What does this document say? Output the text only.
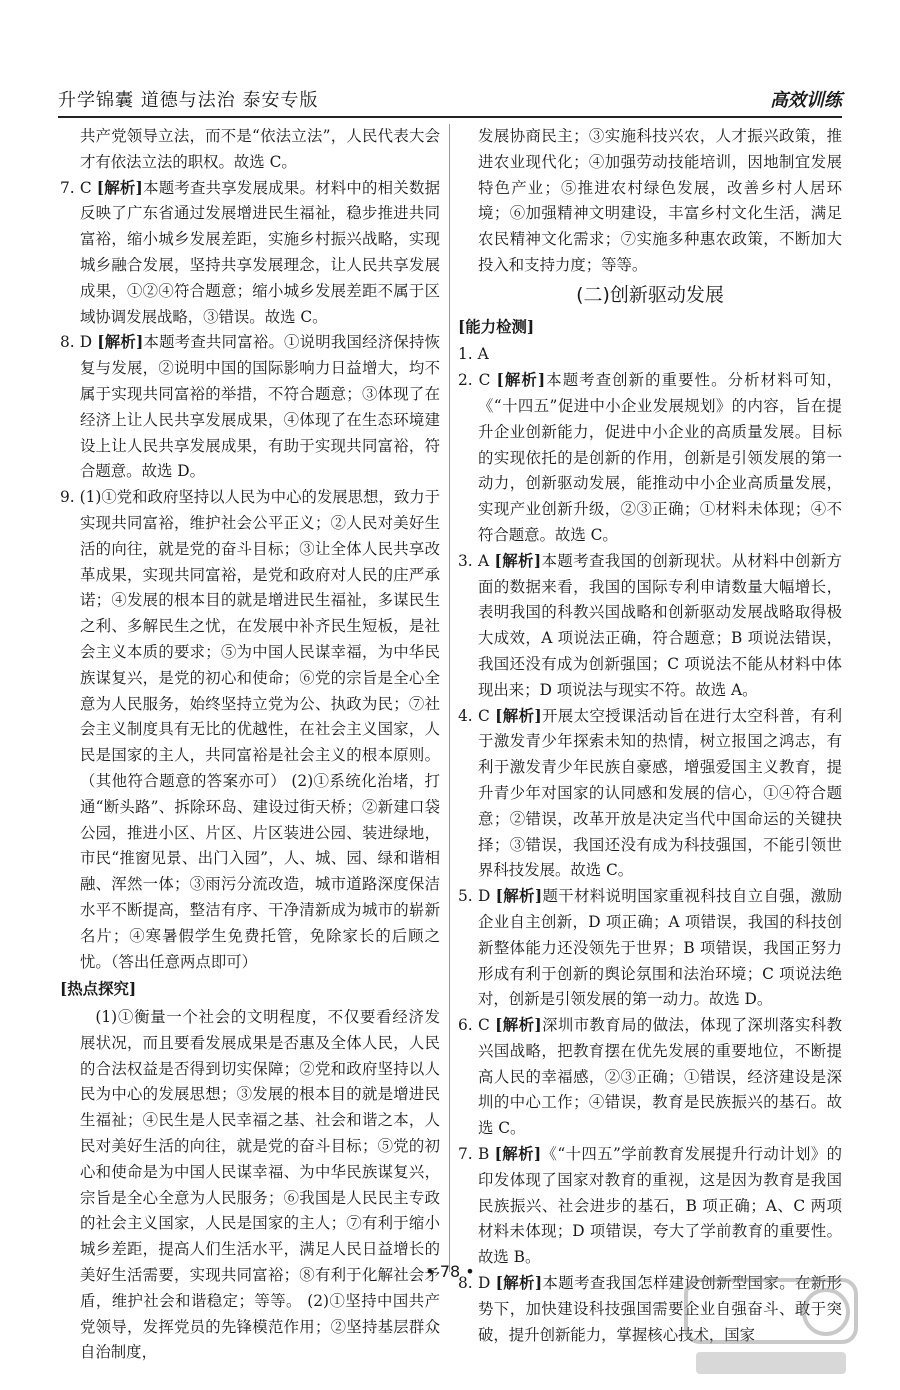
升学锦囊 道德与法治 泰安专版	高效训练

共产党领导立法，而不是“依法立法”，人民代表大会才有依法立法的职权。故选 C。

7. C [解析]本题考查共享发展成果。材料中的相关数据反映了广东省通过发展增进民生福祉，稳步推进共同富裕，缩小城乡发展差距，实施乡村振兴战略，实现城乡融合发展，坚持共享发展理念，让人民共享发展成果，①②④符合题意；缩小城乡发展差距不属于区域协调发展战略，③错误。故选 C。

8. D [解析]本题考查共同富裕。①说明我国经济保持恢复与发展，②说明中国的国际影响力日益增大，均不属于实现共同富裕的举措，不符合题意；③体现了在经济上让人民共享发展成果，④体现了在生态环境建设上让人民共享发展成果，有助于实现共同富裕，符合题意。故选 D。

9. (1)①党和政府坚持以人民为中心的发展思想，致力于实现共同富裕，维护社会公平正义；②人民对美好生活的向往，就是党的奋斗目标；③让全体人民共享改革成果，实现共同富裕，是党和政府对人民的庄严承诺；④发展的根本目的就是增进民生福祉，多谋民生之利、多解民生之忧，在发展中补齐民生短板，是社会主义本质的要求；⑤为中国人民谋幸福，为中华民族谋复兴，是党的初心和使命；⑥党的宗旨是全心全意为人民服务，始终坚持立党为公、执政为民；⑦社会主义制度具有无比的优越性，在社会主义国家，人民是国家的主人，共同富裕是社会主义的根本原则。（其他符合题意的答案亦可） (2)①系统化治堵，打通“断头路”、拆除环岛、建设过街天桥；②新建口袋公园，推进小区、片区、片区装进公园、装进绿地，市民“推窗见景、出门入园”，人、城、园、绿和谐相融、浑然一体；③雨污分流改造，城市道路深度保洁水平不断提高，整洁有序、干净清新成为城市的崭新名片；④寒暑假学生免费托管，免除家长的后顾之忧。（答出任意两点即可）

[热点探究]

(1)①衡量一个社会的文明程度，不仅要看经济发展状况，而且要看发展成果是否惠及全体人民，人民的合法权益是否得到切实保障；②党和政府坚持以人民为中心的发展思想；③发展的根本目的就是增进民生福祉；④民生是人民幸福之基、社会和谐之本，人民对美好生活的向往，就是党的奋斗目标；⑤党的初心和使命是为中国人民谋幸福、为中华民族谋复兴，宗旨是全心全意为人民服务；⑥我国是人民民主专政的社会主义国家，人民是国家的主人；⑦有利于缩小城乡差距，提高人们生活水平，满足人民日益增长的美好生活需要，实现共同富裕；⑧有利于化解社会矛盾，维护社会和谐稳定；等等。 (2)①坚持中国共产党领导，发挥党员的先锋模范作用；②坚持基层群众自治制度，

发展协商民主；③实施科技兴农，人才振兴政策，推进农业现代化；④加强劳动技能培训，因地制宜发展特色产业；⑤推进农村绿色发展，改善乡村人居环境；⑥加强精神文明建设，丰富乡村文化生活，满足农民精神文化需求；⑦实施多种惠农政策，不断加大投入和支持力度；等等。

(二)创新驱动发展

[能力检测]

1. A

2. C [解析]本题考查创新的重要性。分析材料可知，《“十四五”促进中小企业发展规划》的内容，旨在提升企业创新能力，促进中小企业的高质量发展。目标的实现依托的是创新的作用，创新是引领发展的第一动力，创新驱动发展，能推动中小企业高质量发展，实现产业创新升级，②③正确；①材料未体现；④不符合题意。故选 C。

3. A [解析]本题考查我国的创新现状。从材料中创新方面的数据来看，我国的国际专利申请数量大幅增长，表明我国的科教兴国战略和创新驱动发展战略取得极大成效，A 项说法正确，符合题意；B 项说法错误，我国还没有成为创新强国；C 项说法不能从材料中体现出来；D 项说法与现实不符。故选 A。

4. C [解析]开展太空授课活动旨在进行太空科普，有利于激发青少年探索未知的热情，树立报国之鸿志，有利于激发青少年民族自豪感，增强爱国主义教育，提升青少年对国家的认同感和发展的信心，①④符合题意；②错误，改革开放是决定当代中国命运的关键抉择；③错误，我国还没有成为科技强国，不能引领世界科技发展。故选 C。

5. D [解析]题干材料说明国家重视科技自立自强，激励企业自主创新，D 项正确；A 项错误，我国的科技创新整体能力还没领先于世界；B 项错误，我国正努力形成有利于创新的舆论氛围和法治环境；C 项说法绝对，创新是引领发展的第一动力。故选 D。

6. C [解析]深圳市教育局的做法，体现了深圳落实科教兴国战略，把教育摆在优先发展的重要地位，不断提高人民的幸福感，②③正确；①错误，经济建设是深圳的中心工作；④错误，教育是民族振兴的基石。故选 C。

7. B [解析]《“十四五”学前教育发展提升行动计划》的印发体现了国家对教育的重视，这是因为教育是我国民族振兴、社会进步的基石，B 项正确；A、C 两项材料未体现；D 项错误，夸大了学前教育的重要性。故选 B。

8. D [解析]本题考查我国怎样建设创新型国家。在新形势下，加快建设科技强国需要企业自强奋斗、敢于突破，提升创新能力，掌握核心技术，国家

• 78 •
